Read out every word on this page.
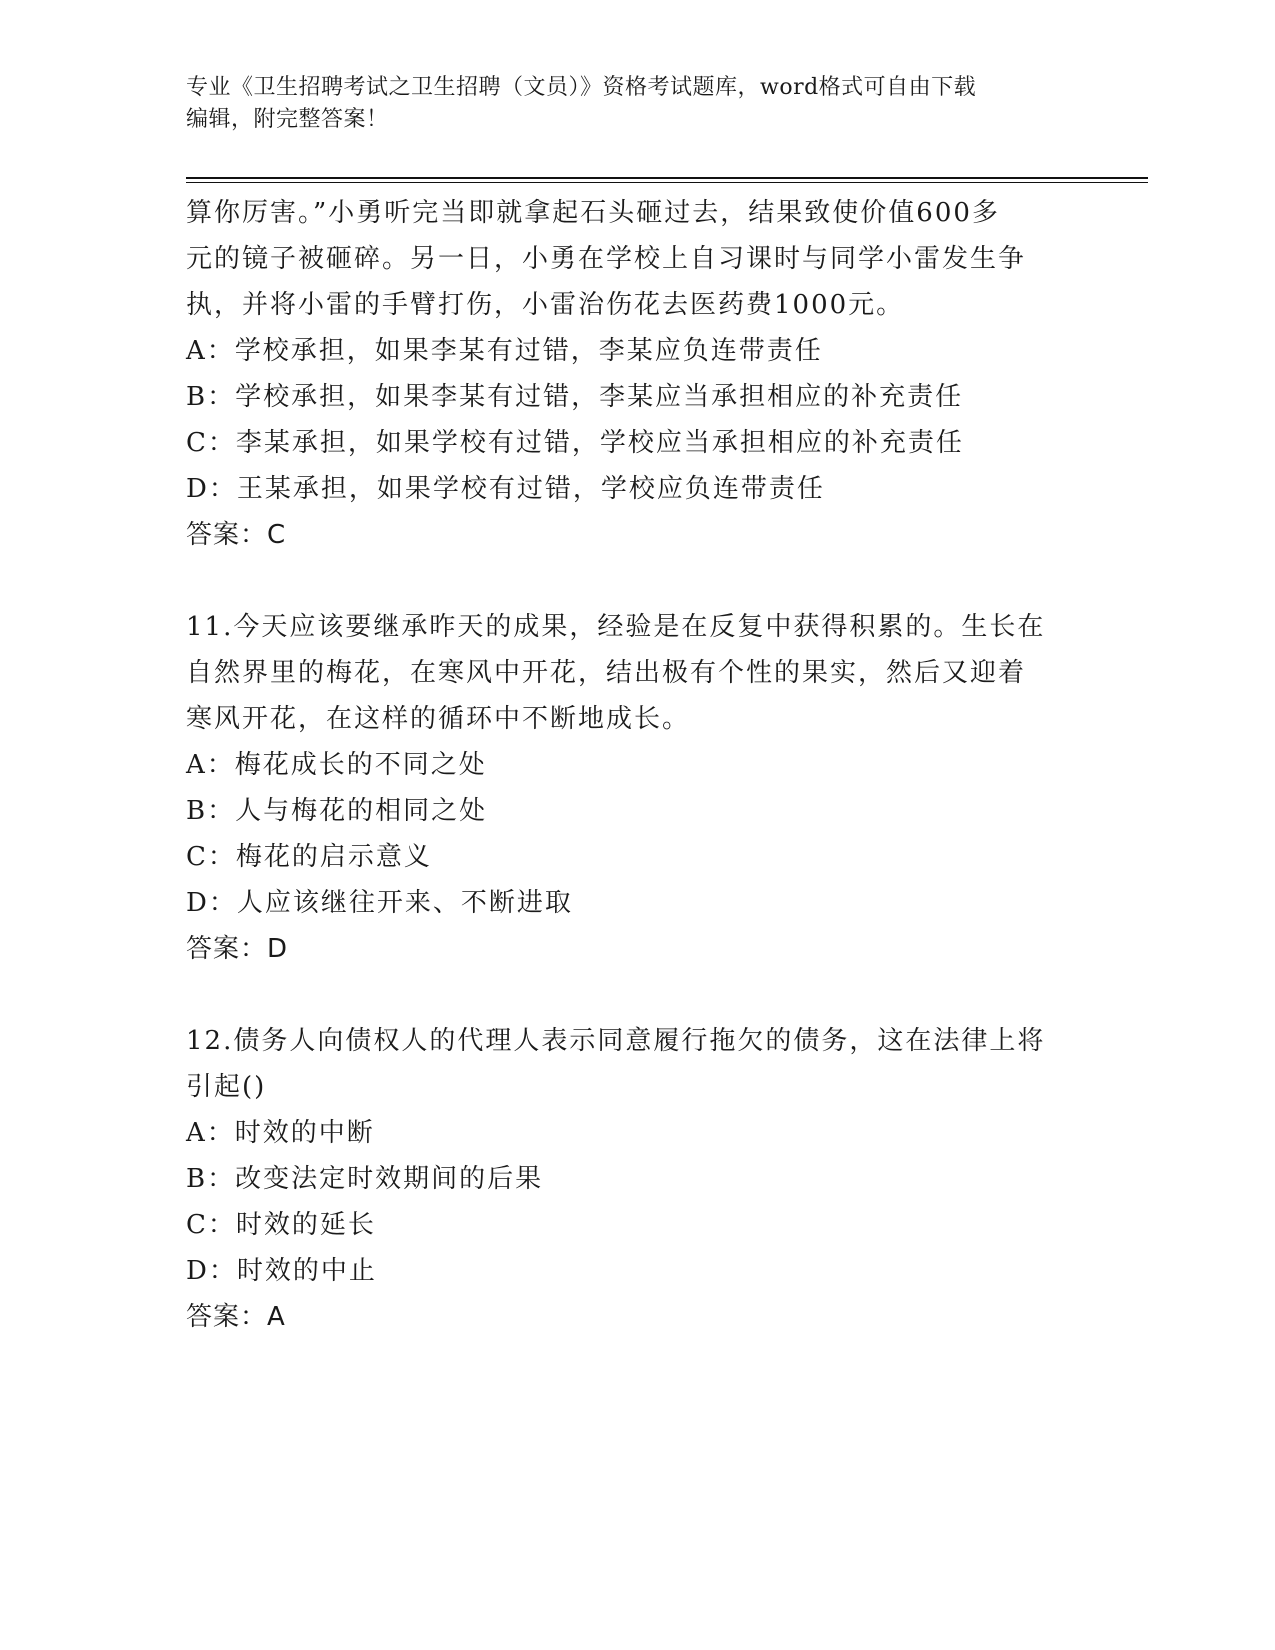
专业《卫生招聘考试之卫生招聘（文员）》资格考试题库，word格式可自由下载
编辑，附完整答案！

算你厉害。”小勇听完当即就拿起石头砸过去，结果致使价值600多

元的镜子被砸碎。另一日，小勇在学校上自习课时与同学小雷发生争

执，并将小雷的手臂打伤，小雷治伤花去医药费1000元。

A：学校承担，如果李某有过错，李某应负连带责任

B：学校承担，如果李某有过错，李某应当承担相应的补充责任

C：李某承担，如果学校有过错，学校应当承担相应的补充责任

D：王某承担，如果学校有过错，学校应负连带责任

答案：C

11.今天应该要继承昨天的成果，经验是在反复中获得积累的。生长在

自然界里的梅花，在寒风中开花，结出极有个性的果实，然后又迎着

寒风开花，在这样的循环中不断地成长。

A：梅花成长的不同之处

B：人与梅花的相同之处

C：梅花的启示意义

D：人应该继往开来、不断进取

答案：D

12.债务人向债权人的代理人表示同意履行拖欠的债务，这在法律上将

引起()

A：时效的中断

B：改变法定时效期间的后果

C：时效的延长

D：时效的中止

答案：A
